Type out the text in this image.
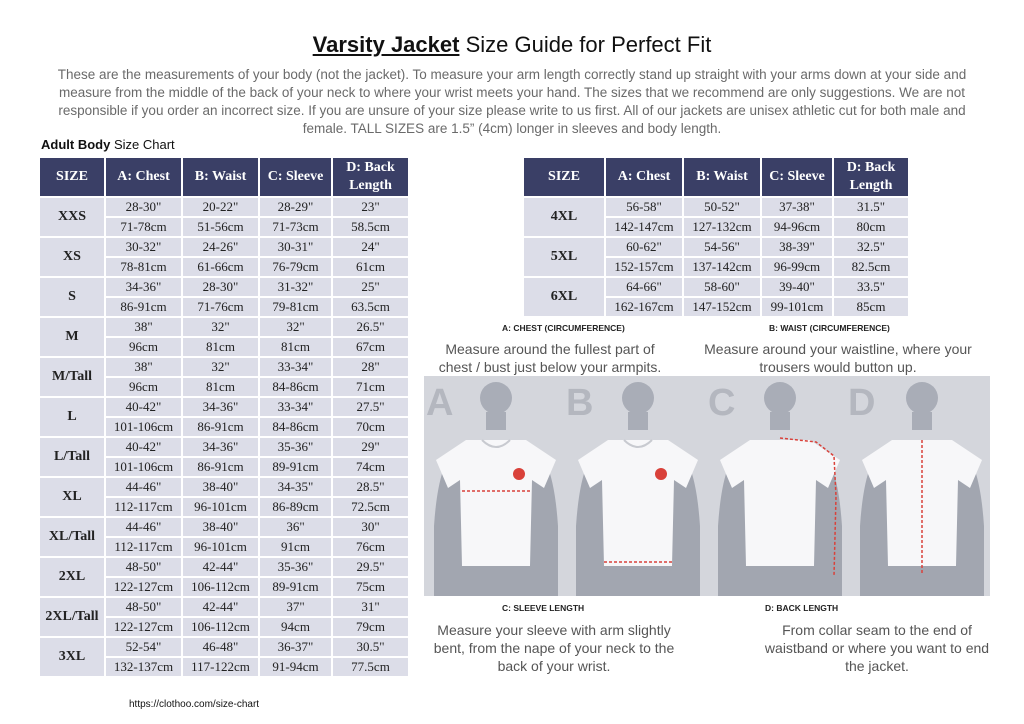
Varsity Jacket Size Guide for Perfect Fit
These are the measurements of your body (not the jacket). To measure your arm length correctly stand up straight with your arms down at your side and measure from the middle of the back of your neck to where your wrist meets your hand. The sizes that we recommend are only suggestions. We are not responsible if you order an incorrect size. If you are unsure of your size please write to us first. All of our jackets are unisex athletic cut for both male and female. TALL SIZES are 1.5” (4cm) longer in sleeves and body length.
Adult Body Size Chart
SIZE	A: Chest	B: Waist	C: Sleeve	D: Back Length
XXS	28-30"	20-22"	28-29"	23"
	71-78cm	51-56cm	71-73cm	58.5cm
XS	30-32"	24-26"	30-31"	24"
	78-81cm	61-66cm	76-79cm	61cm
S	34-36"	28-30"	31-32"	25"
	86-91cm	71-76cm	79-81cm	63.5cm
M	38"	32"	32"	26.5"
	96cm	81cm	81cm	67cm
M/Tall	38"	32"	33-34"	28"
	96cm	81cm	84-86cm	71cm
L	40-42"	34-36"	33-34"	27.5"
	101-106cm	86-91cm	84-86cm	70cm
L/Tall	40-42"	34-36"	35-36"	29"
	101-106cm	86-91cm	89-91cm	74cm
XL	44-46"	38-40"	34-35"	28.5"
	112-117cm	96-101cm	86-89cm	72.5cm
XL/Tall	44-46"	38-40"	36"	30"
	112-117cm	96-101cm	91cm	76cm
2XL	48-50"	42-44"	35-36"	29.5"
	122-127cm	106-112cm	89-91cm	75cm
2XL/Tall	48-50"	42-44"	37"	31"
	122-127cm	106-112cm	94cm	79cm
3XL	52-54"	46-48"	36-37"	30.5"
	132-137cm	117-122cm	91-94cm	77.5cm
SIZE	A: Chest	B: Waist	C: Sleeve	D: Back Length
4XL	56-58"	50-52"	37-38"	31.5"
	142-147cm	127-132cm	94-96cm	80cm
5XL	60-62"	54-56"	38-39"	32.5"
	152-157cm	137-142cm	96-99cm	82.5cm
6XL	64-66"	58-60"	39-40"	33.5"
	162-167cm	147-152cm	99-101cm	85cm
A: CHEST (CIRCUMFERENCE)	B: WAIST (CIRCUMFERENCE)
Measure around the fullest part of chest / bust just below your armpits.
Measure around your waistline, where your trousers would button up.
A	B	C	D
C: SLEEVE LENGTH	D: BACK LENGTH
Measure your sleeve with arm slightly bent, from the nape of your neck to the back of your wrist.
From collar seam to the end of waistband or where you want to end the jacket.
https://clothoo.com/size-chart
